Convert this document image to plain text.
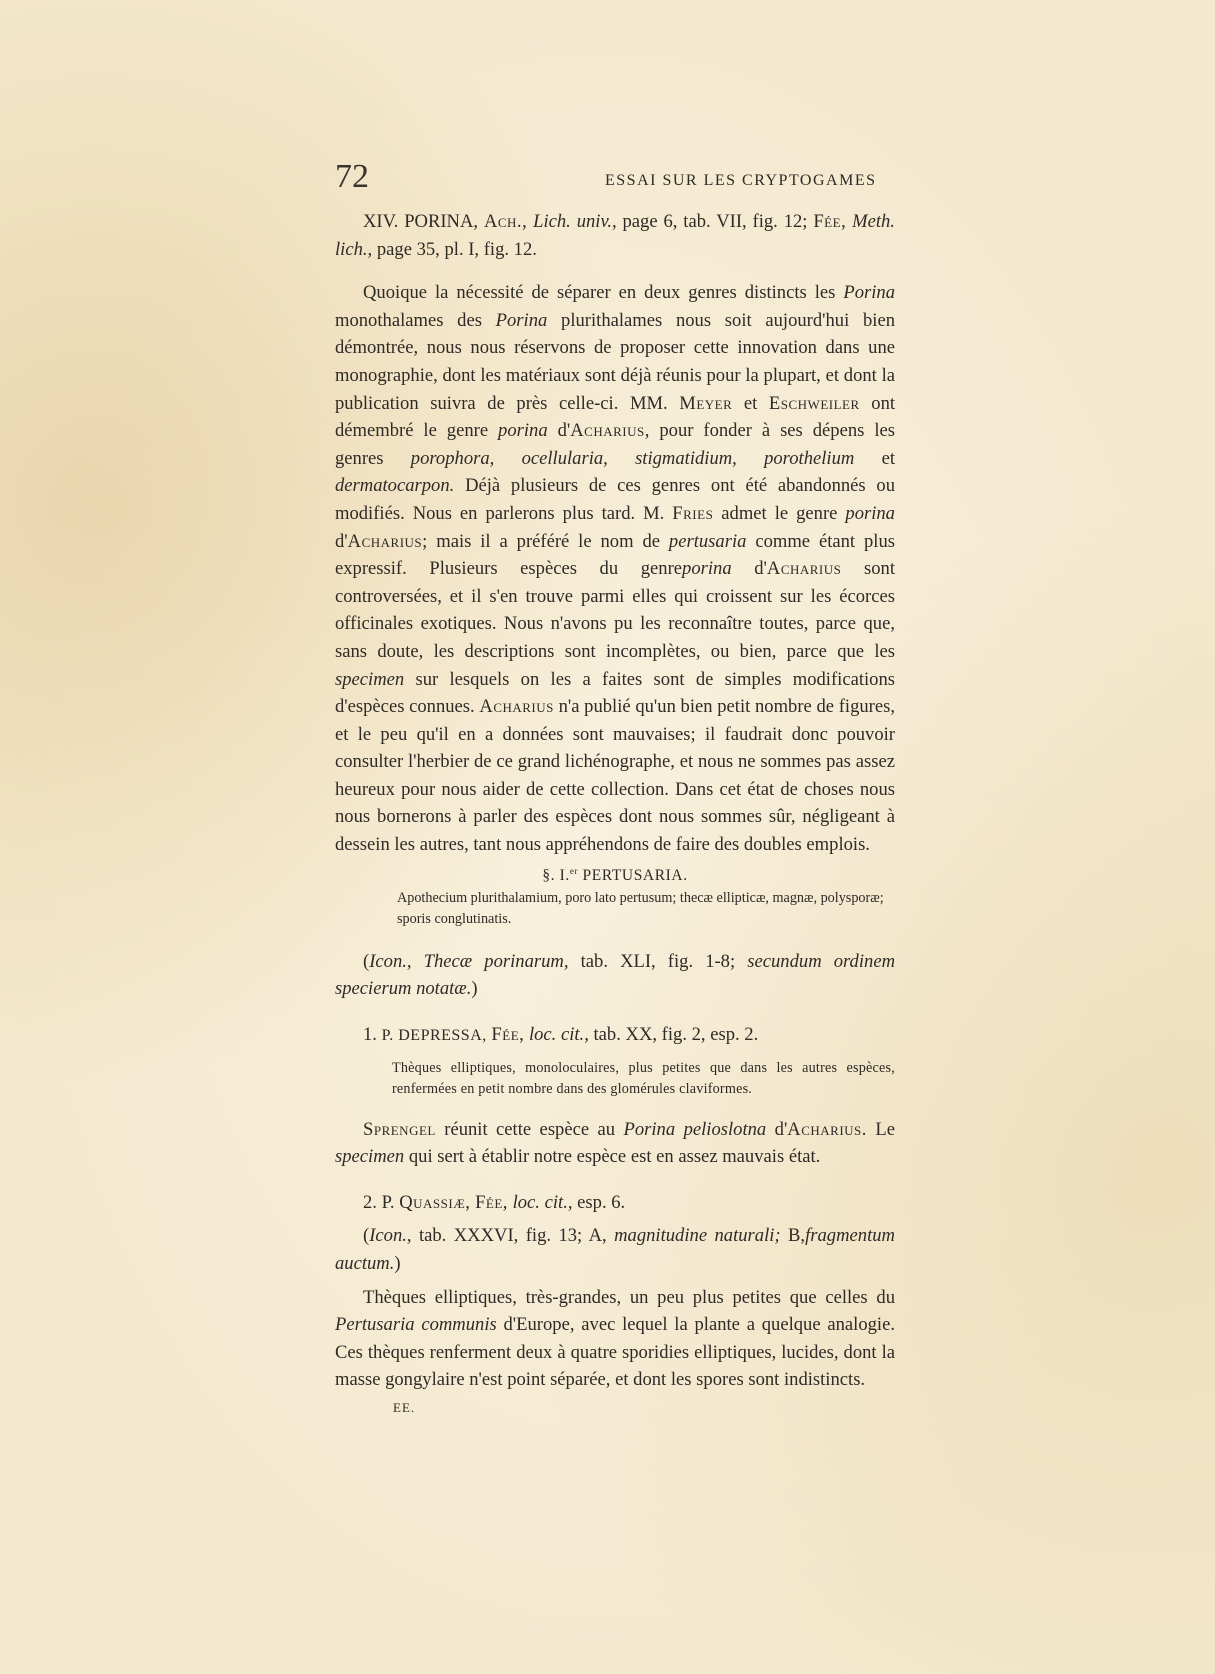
72	ESSAI SUR LES CRYPTOGAMES

XIV. PORINA, Ach., Lich. univ., page 6, tab. VII, fig. 12; Fée, Meth. lich., page 35, pl. I, fig. 12.

Quoique la nécessité de séparer en deux genres distincts les Porina monothalames des Porina plurithalames nous soit aujourd'hui bien démontrée, nous nous réservons de proposer cette innovation dans une monographie, dont les matériaux sont déjà réunis pour la plupart, et dont la publication suivra de près celle-ci. MM. Meyer et Eschweiler ont démembré le genre porina d'Acharius, pour fonder à ses dépens les genres porophora, ocellularia, stigmatidium, porothelium et dermatocarpon. Déjà plusieurs de ces genres ont été abandonnés ou modifiés. Nous en parlerons plus tard. M. Fries admet le genre porina d'Acharius; mais il a préféré le nom de pertusaria comme étant plus expressif. Plusieurs espèces du genreporina d'Acharius sont controversées, et il s'en trouve parmi elles qui croissent sur les écorces officinales exotiques. Nous n'avons pu les reconnaître toutes, parce que, sans doute, les descriptions sont incomplètes, ou bien, parce que les specimen sur lesquels on les a faites sont de simples modifications d'espèces connues. Acharius n'a publié qu'un bien petit nombre de figures, et le peu qu'il en a données sont mauvaises; il faudrait donc pouvoir consulter l'herbier de ce grand lichénographe, et nous ne sommes pas assez heureux pour nous aider de cette collection. Dans cet état de choses nous nous bornerons à parler des espèces dont nous sommes sûr, négligeant à dessein les autres, tant nous appréhendons de faire des doubles emplois.

§. I.$^{er}$ PERTUSARIA.

Apothecium plurithalamium, poro lato pertusum; thecæ ellipticæ, magnæ, polysporæ;
sporis conglutinatis.

(Icon., Thecæ porinarum, tab. XLI, fig. 1-8; secundum ordinem specierum notatæ.)

1. P. DEPRESSA, Fée, loc. cit., tab. XX, fig. 2, esp. 2.

Thèques elliptiques, monoloculaires, plus petites que dans les autres espèces, renfermées en petit nombre dans des glomérules claviformes.

Sprengel réunit cette espèce au Porina pelioslotna d'Acharius. Le specimen qui sert à établir notre espèce est en assez mauvais état.

2. P. Quassiæ, Fée, loc. cit., esp. 6.

(Icon., tab. XXXVI, fig. 13; A, magnitudine naturali; B,fragmentum auctum.)

Thèques elliptiques, très-grandes, un peu plus petites que celles du Pertusaria communis d'Europe, avec lequel la plante a quelque analogie. Ces thèques renferment deux à quatre sporidies elliptiques, lucides, dont la masse gongylaire n'est point séparée, et dont les spores sont indistincts.

EE.
